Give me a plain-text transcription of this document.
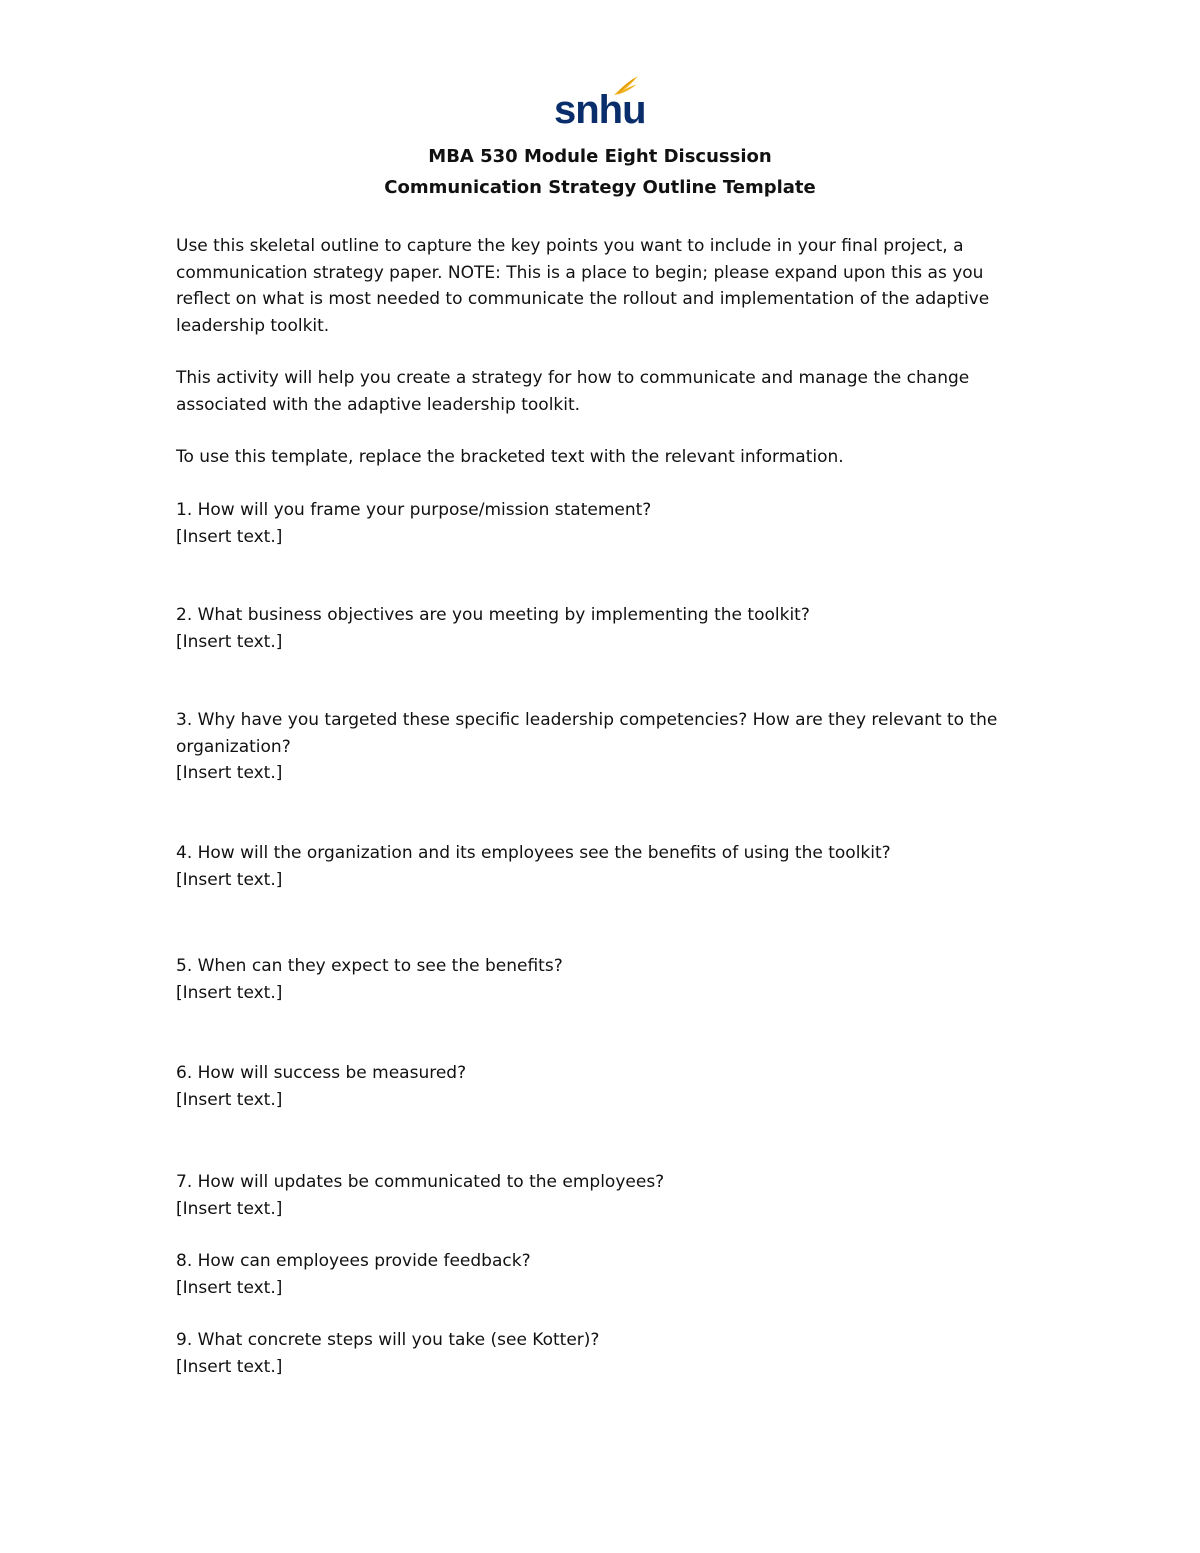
snhu
MBA 530 Module Eight Discussion
Communication Strategy Outline Template
Use this skeletal outline to capture the key points you want to include in your final project, a communication strategy paper. NOTE: This is a place to begin; please expand upon this as you reflect on what is most needed to communicate the rollout and implementation of the adaptive leadership toolkit.
This activity will help you create a strategy for how to communicate and manage the change associated with the adaptive leadership toolkit.
To use this template, replace the bracketed text with the relevant information.

1. How will you frame your purpose/mission statement?

[Insert text.]

2. What business objectives are you meeting by implementing the toolkit?

[Insert text.]

3. Why have you targeted these specific leadership competencies? How are they relevant to the organization?

[Insert text.]

4. How will the organization and its employees see the benefits of using the toolkit?

[Insert text.]

5. When can they expect to see the benefits?

[Insert text.]

6. How will success be measured?

[Insert text.]

7. How will updates be communicated to the employees?

[Insert text.]

8. How can employees provide feedback?

[Insert text.]

9. What concrete steps will you take (see Kotter)?

[Insert text.]
